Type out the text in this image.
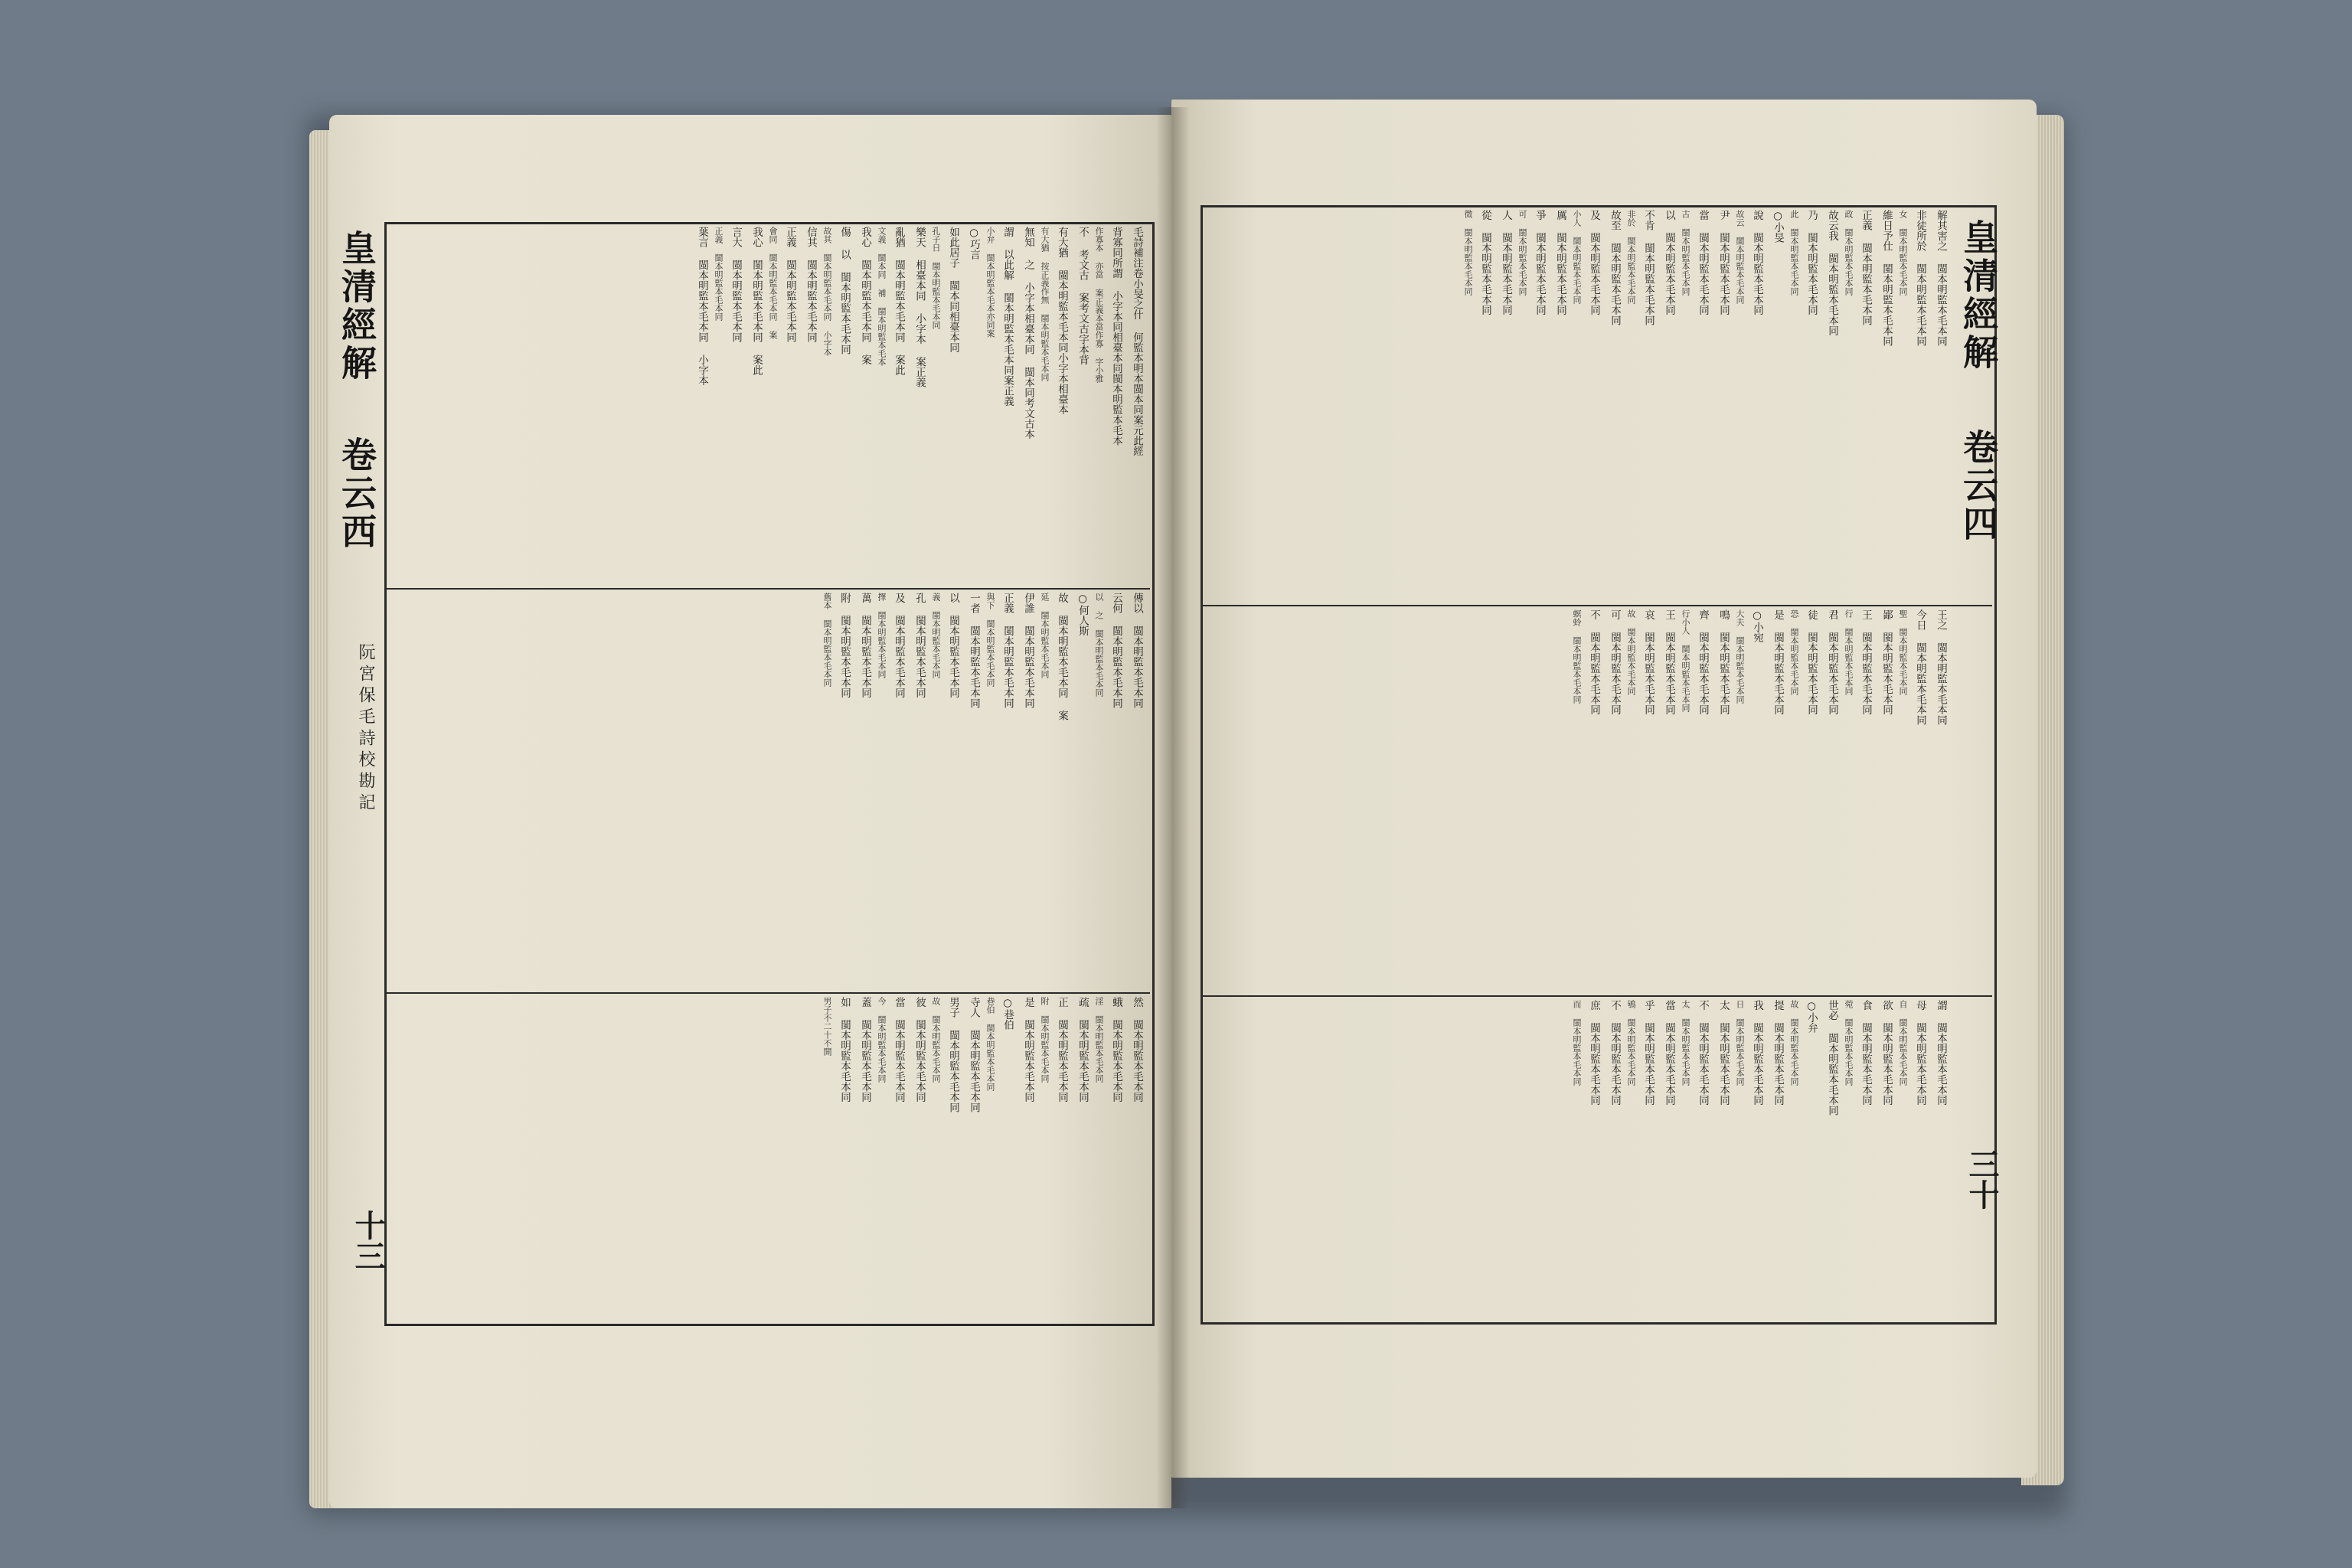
皇清經解
卷云西
阮宮保毛詩校勘記
十三
毛詩補注卷小旻之什 何監本明本閩本同案元此經
背寡同所謂 小字本同相臺本同閩本明監本毛本
作寡本 亦當 案正義本當作寡 字小雅
不 考文古 案考文古字本背
有大猶 閩本明監本毛本同小字本相臺本
有大猶 按正義作無 閩本明監本毛本同
無知 之 小字本相臺本同 閩本同考文古本
謂 以此解 閩本明監本毛本同案正義
小弁 閩本明監本毛本亦同案
○巧言
如此居子 閩本同相臺本同
孔子日 閩本明監本毛本同
樂天 相臺本同 小字本 案正義
亂猶 閩本明監本毛本同 案此
文義 閩本同 補 閩本明監本毛本
我心 閩本明監本毛本同 案
傷 以 閩本明監本毛本同
故其 閩本明監本毛本同 小字本
信其 閩本明監本毛本同
正義 閩本明監本毛本同
會同 閩本明監本毛本同 案
我心 閩本明監本毛本同 案此
言大 閩本明監本毛本同
正義 閩本明監本毛本同
葉言 閩本明監本毛本同 小字本
傳以 閩本明監本毛本同
云何 閩本明監本毛本同
以 之 閩本明監本毛本同
○何人斯
故 閩本明監本毛本同 案
延 閩本明監本毛本同
伊誰 閩本明監本毛本同
正義 閩本明監本毛本同
與下 閩本明監本毛本同
一者 閩本明監本毛本同
以 閩本明監本毛本同
義 閩本明監本毛本同
孔 閩本明監本毛本同
及 閩本明監本毛本同
擇 閩本明監本毛本同
萬 閩本明監本毛本同
附 閩本明監本毛本同
舊本 閩本明監本毛本同
然 閩本明監本毛本同
蛾 閩本明監本毛本同
淫 閩本明監本毛本同
疏 閩本明監本毛本同
正 閩本明監本毛本同
附 閩本明監本毛本同
是 閩本明監本毛本同
○巷伯
巷伯 閩本明監本毛本同
寺人 閩本明監本毛本同
男子 閩本明監本毛本同
故 閩本明監本毛本同
彼 閩本明監本毛本同
當 閩本明監本毛本同
今 閩本明監本毛本同
蓋 閩本明監本毛本同
如 閩本明監本毛本同
男子不二十不開
皇清經解
卷云四
三十
解其害之 閩本明監本毛本同
非徒所於 閩本明監本毛本同
女 閩本明監本毛本同
維日予仕 閩本明監本毛本同
正義 閩本明監本毛本同
政 閩本明監本毛本同
故云我 閩本明監本毛本同
乃 閩本明監本毛本同
此 閩本明監本毛本同
○小旻
說 閩本明監本毛本同
故云 閩本明監本毛本同
尹 閩本明監本毛本同
當 閩本明監本毛本同
古 閩本明監本毛本同
以 閩本明監本毛本同
不肯 閩本明監本毛本同
非於 閩本明監本毛本同
故至 閩本明監本毛本同
及 閩本明監本毛本同
小人 閩本明監本毛本同
厲 閩本明監本毛本同
爭 閩本明監本毛本同
可 閩本明監本毛本同
人 閩本明監本毛本同
從 閩本明監本毛本同
微 閩本明監本毛本同
王之 閩本明監本毛本同
今日 閩本明監本毛本同
聖 閩本明監本毛本同
鄙 閩本明監本毛本同
王 閩本明監本毛本同
行 閩本明監本毛本同
君 閩本明監本毛本同
徒 閩本明監本毛本同
恐 閩本明監本毛本同
是 閩本明監本毛本同
○小宛
大夫 閩本明監本毛本同
鳴 閩本明監本毛本同
齊 閩本明監本毛本同
行小人 閩本明監本毛本同
王 閩本明監本毛本同
哀 閩本明監本毛本同
故 閩本明監本毛本同
可 閩本明監本毛本同
不 閩本明監本毛本同
螟蛉 閩本明監本毛本同
謂 閩本明監本毛本同
母 閩本明監本毛本同
自 閩本明監本毛本同
欲 閩本明監本毛本同
食 閩本明監本毛本同
菀 閩本明監本毛本同
世必 閩本明監本毛本同
○小弁
故 閩本明監本毛本同
提 閩本明監本毛本同
我 閩本明監本毛本同
日 閩本明監本毛本同
太 閩本明監本毛本同
不 閩本明監本毛本同
太 閩本明監本毛本同
當 閩本明監本毛本同
乎 閩本明監本毛本同
鴝 閩本明監本毛本同
不 閩本明監本毛本同
庶 閩本明監本毛本同
而 閩本明監本毛本同
